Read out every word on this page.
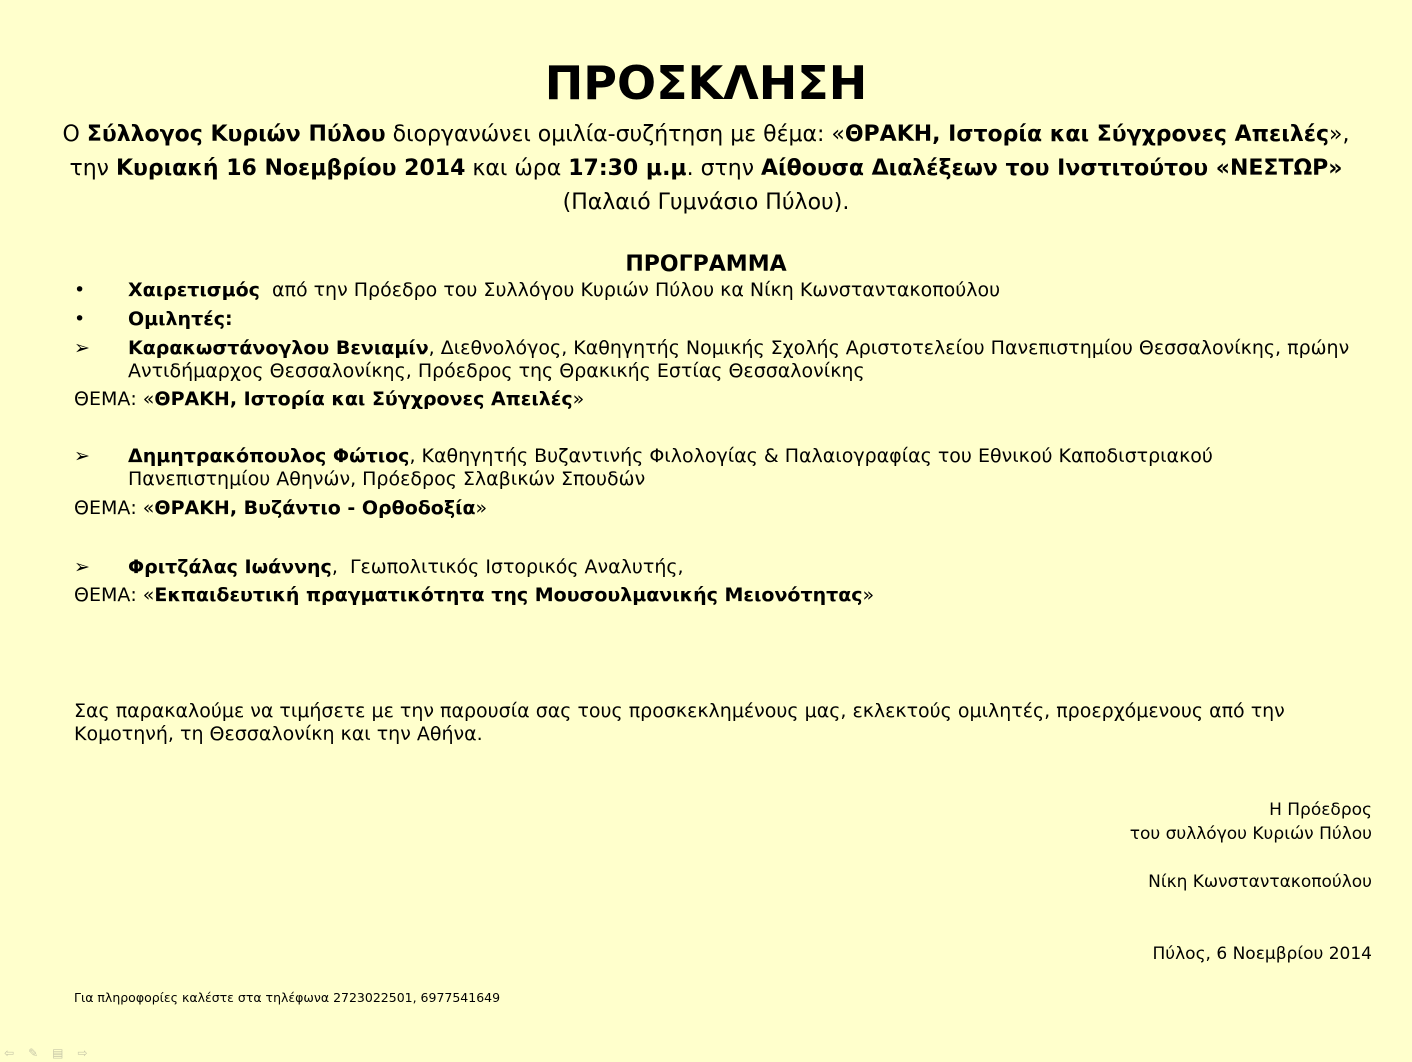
ΠΡΟΣΚΛΗΣΗ
Ο Σύλλογος Κυριών Πύλου διοργανώνει ομιλία-συζήτηση με θέμα: «ΘΡΑΚΗ, Ιστορία και Σύγχρονες Απειλές»,
την Κυριακή 16 Νοεμβρίου 2014 και ώρα 17:30 μ.μ. στην Αίθουσα Διαλέξεων του Ινστιτούτου «ΝΕΣΤΩΡ»
(Παλαιό Γυμνάσιο Πύλου).
ΠΡΟΓΡΑΜΜΑ
•	Χαιρετισμός  από την Πρόεδρο του Συλλόγου Κυριών Πύλου κα Νίκη Κωνσταντακοπούλου
•	Ομιλητές:
➢	Καρακωστάνογλου Βενιαμίν, Διεθνολόγος, Καθηγητής Νομικής Σχολής Αριστοτελείου Πανεπιστημίου Θεσσαλονίκης, πρώην Αντιδήμαρχος Θεσσαλονίκης, Πρόεδρος της Θρακικής Εστίας Θεσσαλονίκης
ΘΕΜΑ: «ΘΡΑΚΗ, Ιστορία και Σύγχρονες Απειλές»
➢	Δημητρακόπουλος Φώτιος, Καθηγητής Βυζαντινής Φιλολογίας & Παλαιογραφίας του Εθνικού Καποδιστριακού Πανεπιστημίου Αθηνών, Πρόεδρος Σλαβικών Σπουδών
ΘΕΜΑ: «ΘΡΑΚΗ, Βυζάντιο - Ορθοδοξία»
➢	Φριτζάλας Ιωάννης,  Γεωπολιτικός Ιστορικός Αναλυτής,
ΘΕΜΑ: «Εκπαιδευτική πραγματικότητα της Μουσουλμανικής Μειονότητας»
Σας παρακαλούμε να τιμήσετε με την παρουσία σας τους προσκεκλημένους μας, εκλεκτούς ομιλητές, προερχόμενους από την Κομοτηνή, τη Θεσσαλονίκη και την Αθήνα.
Η Πρόεδρος
του συλλόγου Κυριών Πύλου
Νίκη Κωνσταντακοπούλου
Πύλος, 6 Νοεμβρίου 2014
Για πληροφορίες καλέστε στα τηλέφωνα 2723022501, 6977541649
⇦✎▤⇨
